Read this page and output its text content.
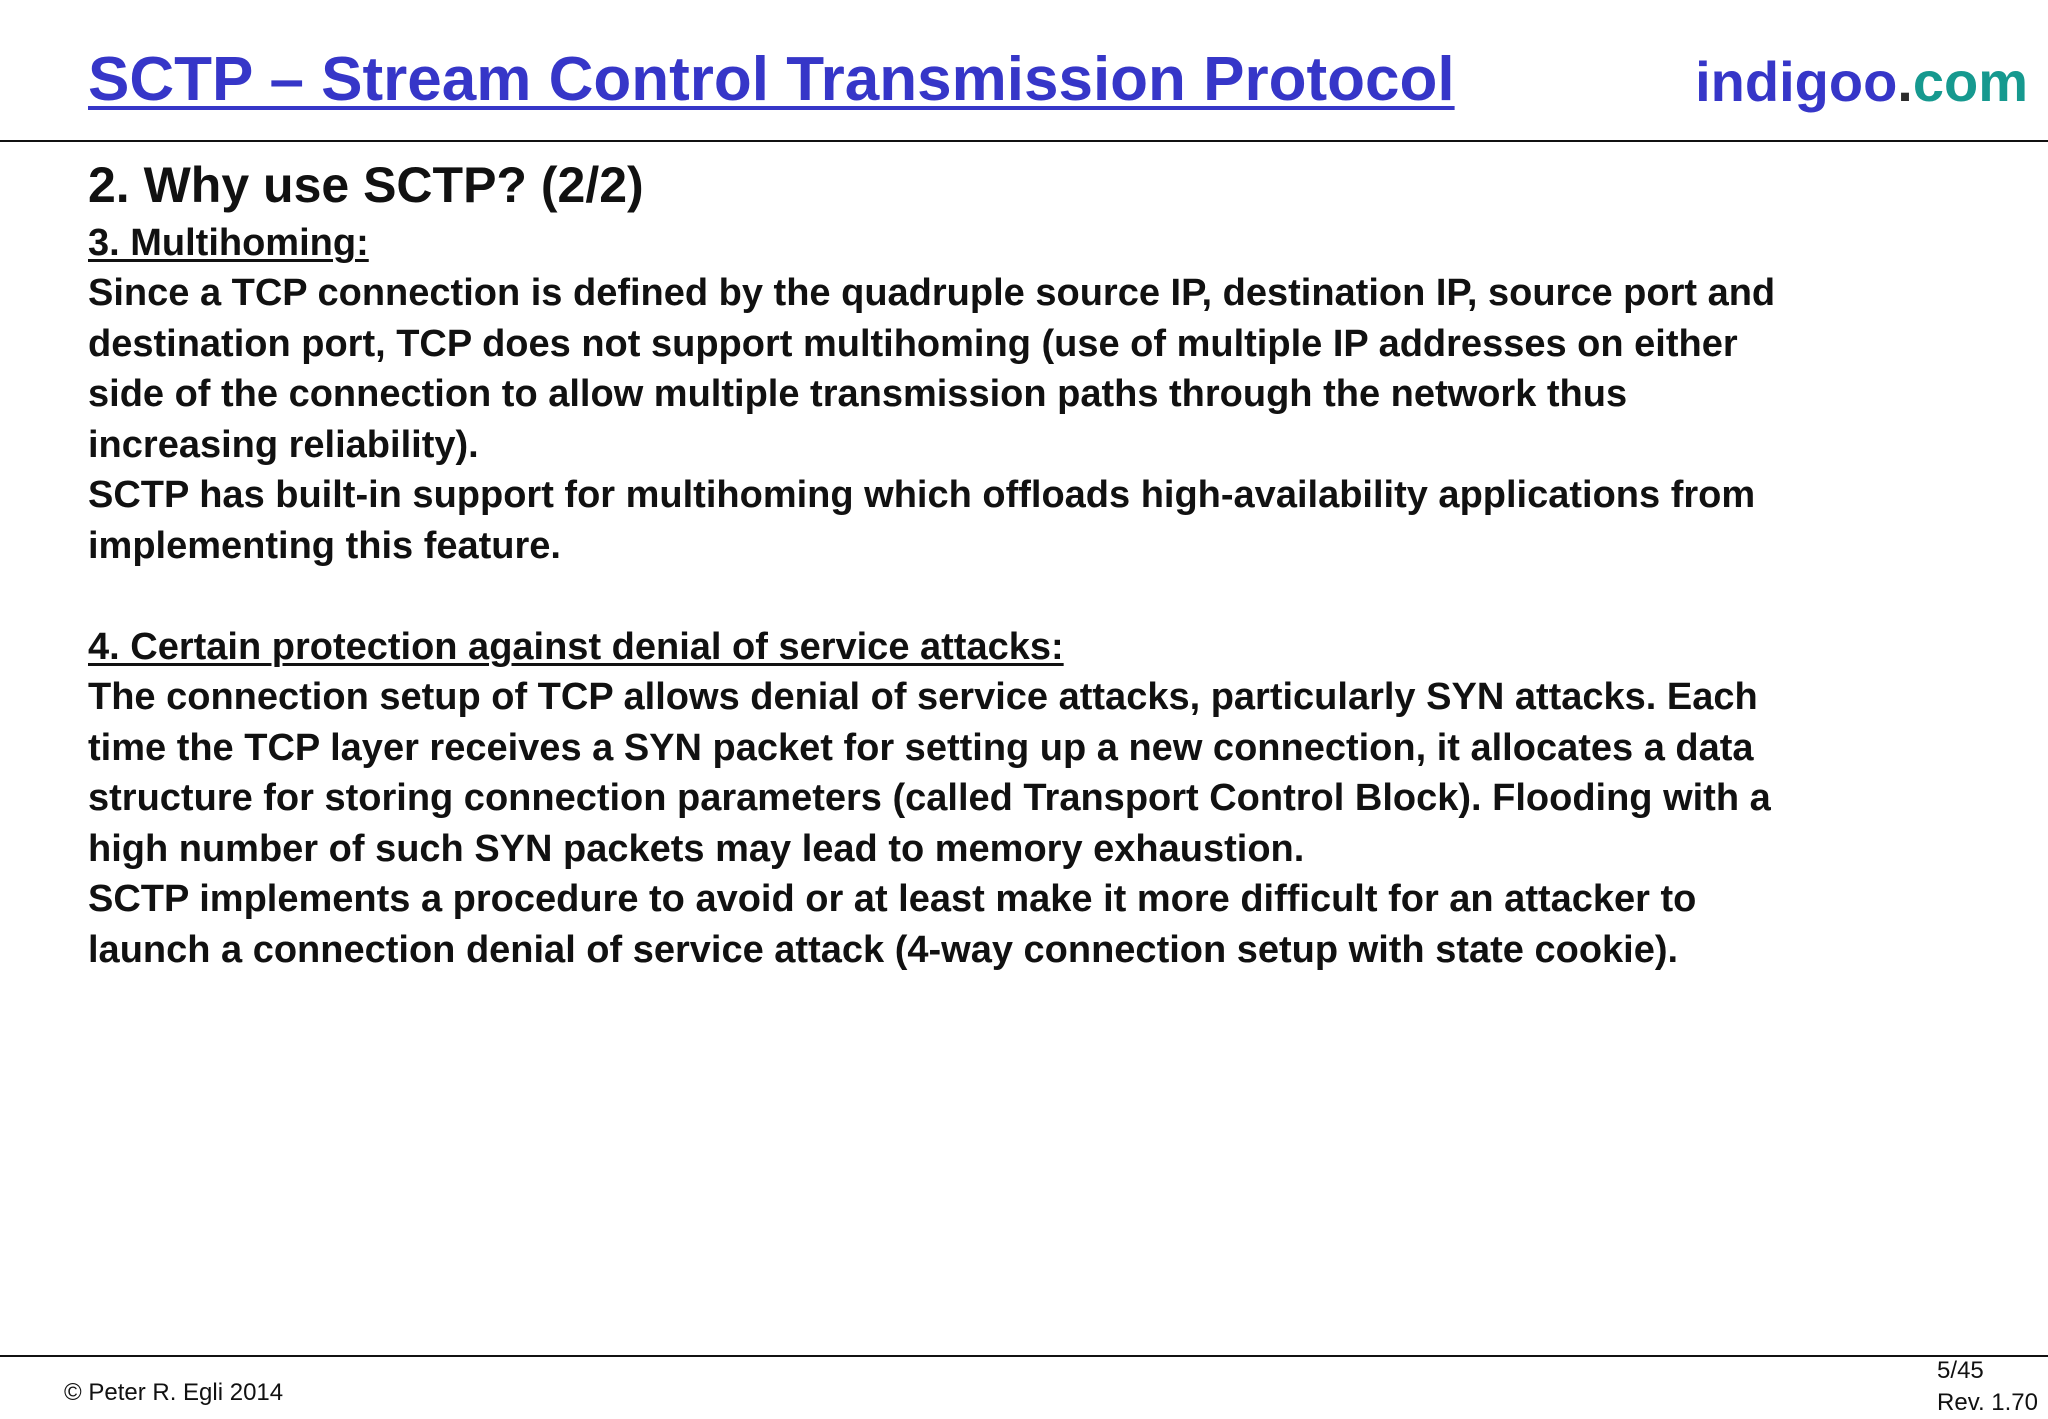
SCTP – Stream Control Transmission Protocol	indigoo.com
2. Why use SCTP? (2/2)
3. Multihoming:

Since a TCP connection is defined by the quadruple source IP, destination IP, source port and
destination port, TCP does not support multihoming (use of multiple IP addresses on either
side of the connection to allow multiple transmission paths through the network thus
increasing reliability).

SCTP has built-in support for multihoming which offloads high-availability applications from
implementing this feature.

4. Certain protection against denial of service attacks:

The connection setup of TCP allows denial of service attacks, particularly SYN attacks. Each
time the TCP layer receives a SYN packet for setting up a new connection, it allocates a data
structure for storing connection parameters (called Transport Control Block). Flooding with a
high number of such SYN packets may lead to memory exhaustion.

SCTP implements a procedure to avoid or at least make it more difficult for an attacker to
launch a connection denial of service attack (4-way connection setup with state cookie).

© Peter R. Egli 2014
5/45
Rev. 1.70
